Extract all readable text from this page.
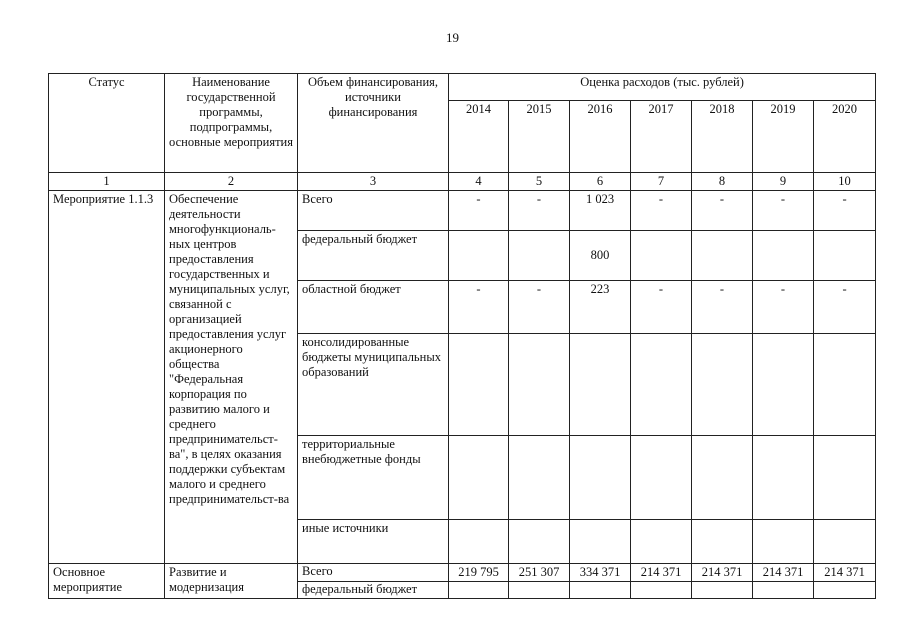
19
Статус	Наименование государственной программы, подпрограммы, основные мероприятия	Объем финансирования, источники финансирования	Оценка расходов (тыс. рублей)						
			2014	2015	2016	2017	2018	2019	2020
1	2	3	4	5	6	7	8	9	10
Мероприятие 1.1.3	Обеспечение деятельности многофункциональ-ных центров предоставления государственных и муниципальных услуг, связанной с организацией предоставления услуг акционерного общества "Федеральная корпорация по развитию малого и среднего предпринимательст-ва", в целях оказания поддержки субъектам малого и среднего предпринимательст-ва	Всего	-	-	1 023	-	-	-	-
		федеральный бюджет			800				
		областной бюджет	-	-	223	-	-	-	-
		консолидированные бюджеты муниципальных образований							
		территориальные внебюджетные фонды							
		иные источники							
Основное мероприятие	Развитие и модернизация	Всего	219 795	251 307	334 371	214 371	214 371	214 371	214 371
		федеральный бюджет							
